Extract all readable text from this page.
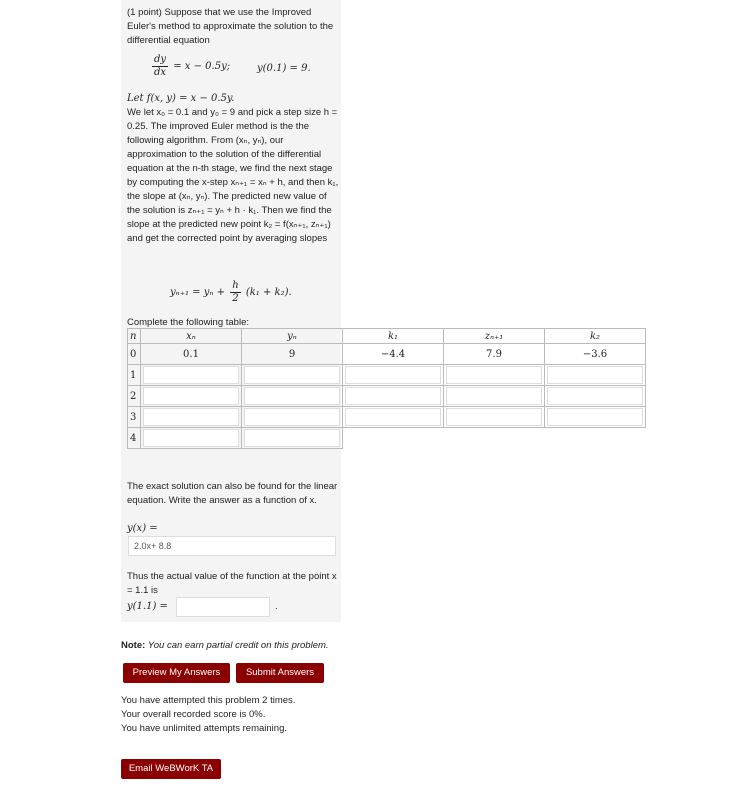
(1 point) Suppose that we use the Improved Euler's method to approximate the solution to the differential equation

$\frac{dy}{dx} = x - 0.5y$;	y(0.1) = 9.

Let f(x, y) = x − 0.5y.

We let x₀ = 0.1 and y₀ = 9 and pick a step size h = 0.25. The improved Euler method is the the following algorithm. From (xₙ, yₙ), our approximation to the solution of the differential equation at the n-th stage, we find the next stage by computing the x-step xₙ₊₁ = xₙ + h, and then k₁, the slope at (xₙ, yₙ). The predicted new value of the solution is zₙ₊₁ = yₙ + h · k₁. Then we find the slope at the predicted new point k₂ = f(xₙ₊₁, zₙ₊₁) and get the corrected point by averaging slopes

$y_{n+1} = y_n + \frac{h}{2} (k_1 + k_2)$.

Complete the following table:

n	xₙ	yₙ	k₁	zₙ₊₁	k₂
0	0.1	9	−4.4	7.9	−3.6
1	

2	

3	

4	

The exact solution can also be found for the linear equation. Write the answer as a function of x.

y(x) =

2.0x+ 8.8

Thus the actual value of the function at the point x = 1.1 is

y(1.1) =	.
Note: You can earn partial credit on this problem.
Preview My Answers	Submit Answers
You have attempted this problem 2 times.
Your overall recorded score is 0%.
You have unlimited attempts remaining.
Email WeBWorK TA
